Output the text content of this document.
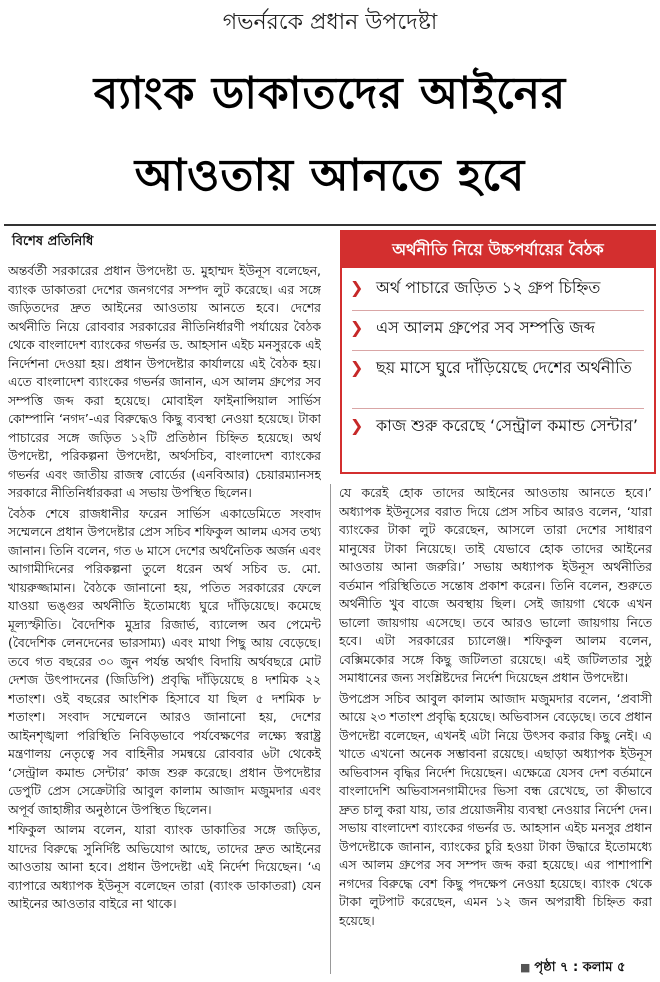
গভর্নরকে প্রধান উপদেষ্টা
ব্যাংক ডাকাতদের আইনের
আওতায় আনতে হবে
বিশেষ প্রতিনিধি

অন্তর্বর্তী সরকারের প্রধান উপদেষ্টা ড. মুহাম্মদ ইউনূস বলেছেন, ব্যাংক ডাকাতরা দেশের জনগণের সম্পদ লুট করেছে। এর সঙ্গে জড়িতদের দ্রুত আইনের আওতায় আনতে হবে। দেশের অর্থনীতি নিয়ে রোববার সরকারের নীতিনির্ধারণী পর্যায়ের বৈঠক থেকে বাংলাদেশ ব্যাংকের গভর্নর ড. আহসান এইচ মনসুরকে এই নির্দেশনা দেওয়া হয়। প্রধান উপদেষ্টার কার্যালয়ে এই বৈঠক হয়। এতে বাংলাদেশ ব্যাংকের গভর্নর জানান, এস আলম গ্রুপের সব সম্পত্তি জব্দ করা হয়েছে। মোবাইল ফাইনান্সিয়াল সার্ভিস কোম্পানি ‘নগদ’-এর বিরুদ্ধেও কিছু ব্যবস্থা নেওয়া হয়েছে। টাকা পাচারের সঙ্গে জড়িত ১২টি প্রতিষ্ঠান চিহ্নিত হয়েছে। অর্থ উপদেষ্টা, পরিকল্পনা উপদেষ্টা, অর্থসচিব, বাংলাদেশ ব্যাংকের গভর্নর এবং জাতীয় রাজস্ব বোর্ডের (এনবিআর) চেয়ারম্যানসহ সরকারে নীতিনির্ধারকরা এ সভায় উপস্থিত ছিলেন।

বৈঠক শেষে রাজধানীর ফরেন সার্ভিস একাডেমিতে সংবাদ সম্মেলনে প্রধান উপদেষ্টার প্রেস সচিব শফিকুল আলম এসব তথ্য জানান। তিনি বলেন, গত ৬ মাসে দেশের অর্থনৈতিক অর্জন এবং আগামীদিনের পরিকল্পনা তুলে ধরেন অর্থ সচিব ড. মো. খায়রুজ্জামান। বৈঠকে জানানো হয়, পতিত সরকারের ফেলে যাওয়া ভঙ্গুর অর্থনীতি ইতোমধ্যে ঘুরে দাঁড়িয়েছে। কমেছে মূল্যস্ফীতি। বৈদেশিক মুদ্রার রিজার্ভ, ব্যালেন্স অব পেমেন্ট (বৈদেশিক লেনদেনের ভারসাম্য) এবং মাথা পিছু আয় বেড়েছে। তবে গত বছরের ৩০ জুন পর্যন্ত অর্থাৎ বিদায়ি অর্থবছরে মোট দেশজ উৎপাদনের (জিডিপি) প্রবৃদ্ধি দাঁড়িয়েছে ৪ দশমিক ২২ শতাংশ। ওই বছরের আংশিক হিসাবে যা ছিল ৫ দশমিক ৮ শতাংশ। সংবাদ সম্মেলনে আরও জানানো হয়, দেশের আইনশৃঙ্খলা পরিস্থিতি নিবিড়ভাবে পর্যবেক্ষণের লক্ষ্যে স্বরাষ্ট্র মন্ত্রণালয় নেতৃত্বে সব বাহিনীর সমন্বয়ে রোববার ৬টা থেকেই ‘সেন্ট্রাল কমান্ড সেন্টার’ কাজ শুরু করেছে। প্রধান উপদেষ্টার ডেপুটি প্রেস সেক্রেটারি আবুল কালাম আজাদ মজুমদার এবং অপূর্ব জাহাঙ্গীর অনুষ্ঠানে উপস্থিত ছিলেন।

শফিকুল আলম বলেন, যারা ব্যাংক ডাকাতির সঙ্গে জড়িত, যাদের বিরুদ্ধে সুনির্দিষ্ট অভিযোগ আছে, তাদের দ্রুত আইনের আওতায় আনা হবে। প্রধান উপদেষ্টা এই নির্দেশ দিয়েছেন। ‘এ ব্যাপারে অধ্যাপক ইউনূস বলেছেন তারা (ব্যাংক ডাকাতরা) যেন আইনের আওতার বাইরে না থাকে।

অর্থনীতি নিয়ে উচ্চপর্যায়ের বৈঠক
❯ অর্থ পাচারে জড়িত ১২ গ্রুপ চিহ্নিত
❯ এস আলম গ্রুপের সব সম্পত্তি জব্দ
❯ ছয় মাসে ঘুরে দাঁড়িয়েছে দেশের অর্থনীতি
❯ কাজ শুরু করেছে ‘সেন্ট্রাল কমান্ড সেন্টার’

যে করেই হোক তাদের আইনের আওতায় আনতে হবে।’ অধ্যাপক ইউনূসের বরাত দিয়ে প্রেস সচিব আরও বলেন, ‘যারা ব্যাংকের টাকা লুট করেছেন, আসলে তারা দেশের সাধারণ মানুষের টাকা নিয়েছে। তাই যেভাবে হোক তাদের আইনের আওতায় আনা জরুরি।’ সভায় অধ্যাপক ইউনূস অর্থনীতির বর্তমান পরিস্থিতিতে সন্তোষ প্রকাশ করেন। তিনি বলেন, শুরুতে অর্থনীতি খুব বাজে অবস্থায় ছিল। সেই জায়গা থেকে এখন ভালো জায়গায় এসেছে। তবে আরও ভালো জায়গায় নিতে হবে। এটা সরকারের চ্যালেঞ্জ। শফিকুল আলম বলেন, বেক্সিমকোর সঙ্গে কিছু জটিলতা রয়েছে। এই জটিলতার সুষ্ঠু সমাধানের জন্য সংশ্লিষ্টদের নির্দেশ দিয়েছেন প্রধান উপদেষ্টা।

উপপ্রেস সচিব আবুল কালাম আজাদ মজুমদার বলেন, ‘প্রবাসী আয়ে ২৩ শতাংশ প্রবৃদ্ধি হয়েছে। অভিবাসন বেড়েছে। তবে প্রধান উপদেষ্টা বলেছেন, এখনই এটা নিয়ে উৎসব করার কিছু নেই। এ খাতে এখনো অনেক সম্ভাবনা রয়েছে। এছাড়া অধ্যাপক ইউনূস অভিবাসন বৃদ্ধির নির্দেশ দিয়েছেন। এক্ষেত্রে যেসব দেশ বর্তমানে বাংলাদেশি অভিবাসনগামীদের ভিসা বন্ধ রেখেছে, তা কীভাবে দ্রুত চালু করা যায়, তার প্রয়োজনীয় ব্যবস্থা নেওয়ার নির্দেশ দেন। সভায় বাংলাদেশ ব্যাংকের গভর্নর ড. আহসান এইচ মনসুর প্রধান উপদেষ্টাকে জানান, ব্যাংকের চুরি হওয়া টাকা উদ্ধারে ইতোমধ্যে এস আলম গ্রুপের সব সম্পদ জব্দ করা হয়েছে। এর পাশাপাশি নগদের বিরুদ্ধে বেশ কিছু পদক্ষেপ নেওয়া হয়েছে। ব্যাংক থেকে টাকা লুটপাট করেছেন, এমন ১২ জন অপরাধী চিহ্নিত করা হয়েছে।

■ পৃষ্ঠা ৭ : কলাম ৫
